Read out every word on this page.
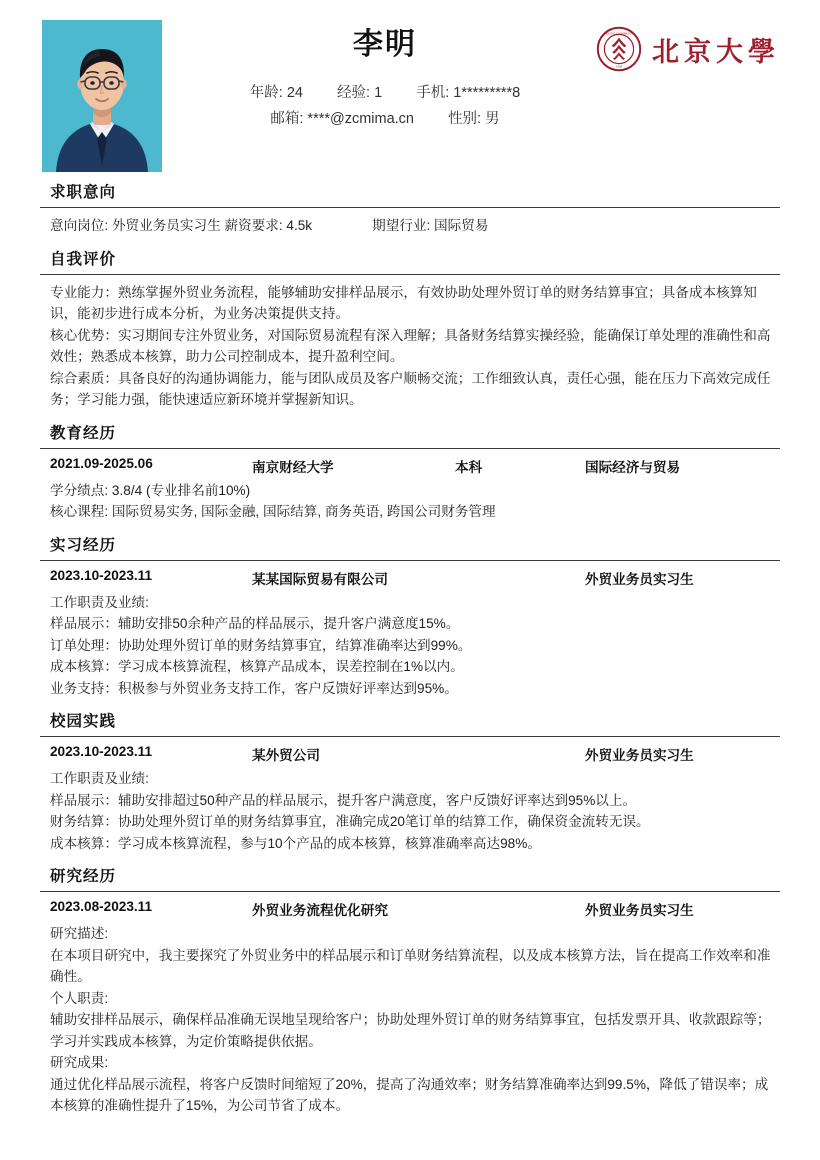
李明
年龄: 24 经验: 1 手机: 1*********8
邮箱: ****@zcmima.cn 性别: 男
PEKING UNIVERSITY
1898 北京大學
求职意向
意向岗位: 外贸业务员实习生 薪资要求: 4.5k	期望行业: 国际贸易
自我评价

专业能力：熟练掌握外贸业务流程，能够辅助安排样品展示，有效协助处理外贸订单的财务结算事宜；具备成本核算知识，能初步进行成本分析，为业务决策提供支持。

核心优势：实习期间专注外贸业务，对国际贸易流程有深入理解；具备财务结算实操经验，能确保订单处理的准确性和高效性；熟悉成本核算，助力公司控制成本，提升盈利空间。

综合素质：具备良好的沟通协调能力，能与团队成员及客户顺畅交流；工作细致认真，责任心强，能在压力下高效完成任务；学习能力强，能快速适应新环境并掌握新知识。

教育经历
2021.09-2025.06	南京财经大学	本科	国际经济与贸易

学分绩点: 3.8/4 (专业排名前10%)

核心课程: 国际贸易实务, 国际金融, 国际结算, 商务英语, 跨国公司财务管理

实习经历
2023.10-2023.11	某某国际贸易有限公司	外贸业务员实习生

工作职责及业绩:

样品展示：辅助安排50余种产品的样品展示，提升客户满意度15%。

订单处理：协助处理外贸订单的财务结算事宜，结算准确率达到99%。

成本核算：学习成本核算流程，核算产品成本，误差控制在1%以内。

业务支持：积极参与外贸业务支持工作，客户反馈好评率达到95%。

校园实践
2023.10-2023.11	某外贸公司	外贸业务员实习生

工作职责及业绩:

样品展示：辅助安排超过50种产品的样品展示，提升客户满意度，客户反馈好评率达到95%以上。

财务结算：协助处理外贸订单的财务结算事宜，准确完成20笔订单的结算工作，确保资金流转无误。

成本核算：学习成本核算流程，参与10个产品的成本核算，核算准确率高达98%。

研究经历
2023.08-2023.11	外贸业务流程优化研究	外贸业务员实习生

研究描述:

在本项目研究中，我主要探究了外贸业务中的样品展示和订单财务结算流程，以及成本核算方法，旨在提高工作效率和准确性。

个人职责:

辅助安排样品展示，确保样品准确无误地呈现给客户；协助处理外贸订单的财务结算事宜，包括发票开具、收款跟踪等；学习并实践成本核算，为定价策略提供依据。

研究成果:

通过优化样品展示流程，将客户反馈时间缩短了20%，提高了沟通效率；财务结算准确率达到99.5%，降低了错误率；成本核算的准确性提升了15%，为公司节省了成本。
